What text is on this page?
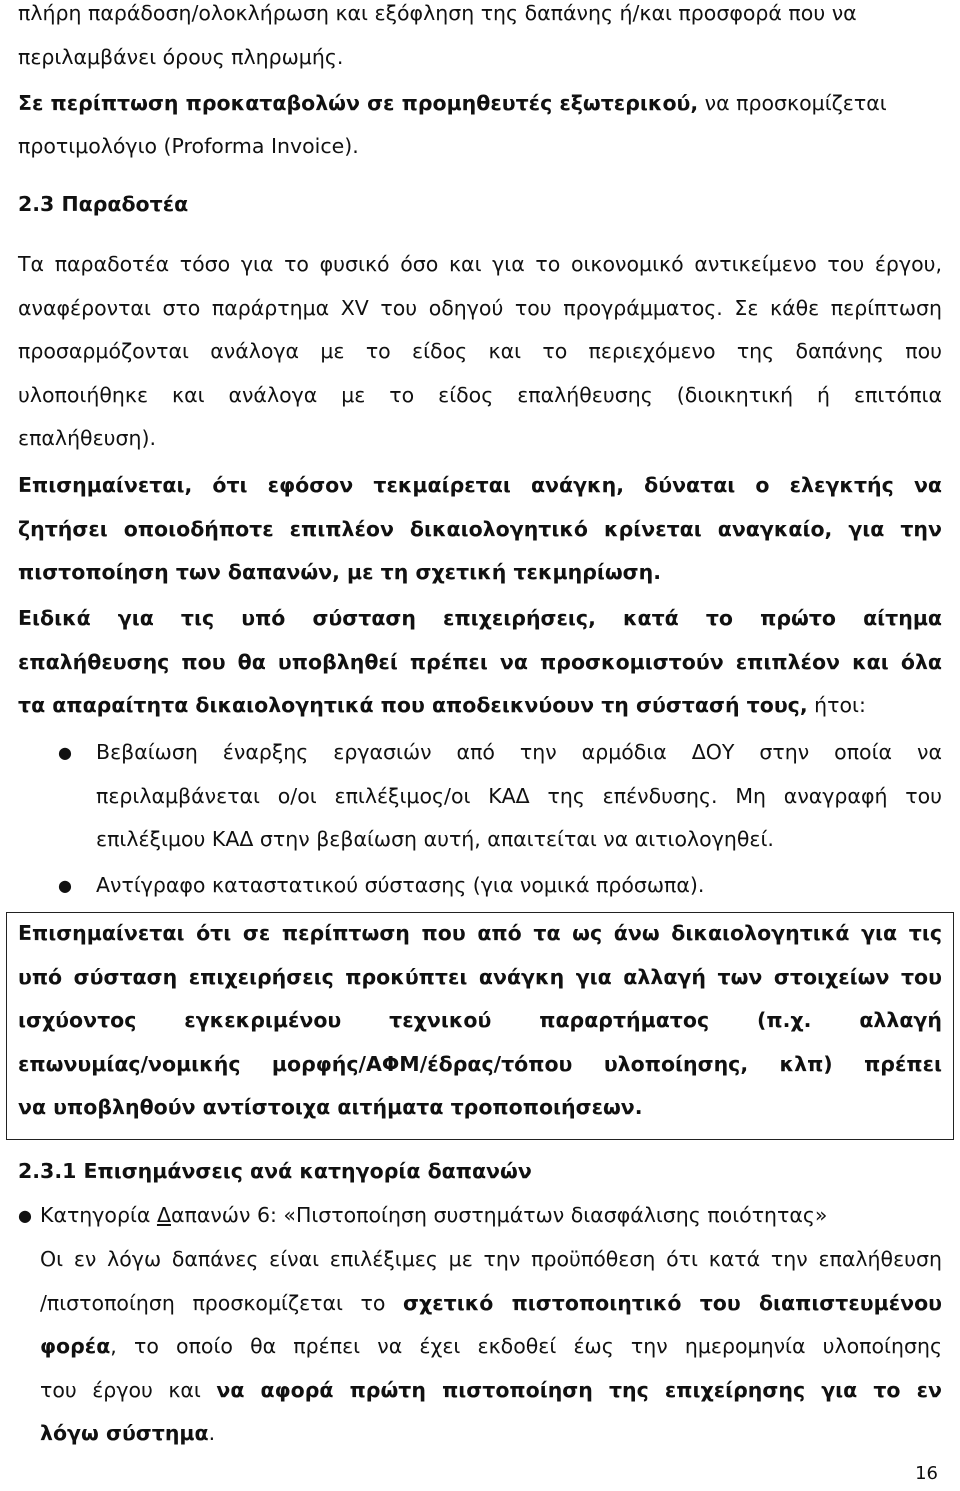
πλήρη παράδοση/ολοκλήρωση και εξόφληση της δαπάνης ή/και προσφορά που να

περιλαμβάνει όρους πληρωμής.

Σε περίπτωση προκαταβολών σε προμηθευτές εξωτερικού, να προσκομίζεται

προτιμολόγιο (Proforma Invoice).

2.3 Παραδοτέα

Τα παραδοτέα τόσο για το φυσικό όσο και για το οικονομικό αντικείμενο του έργου,
αναφέρονται στο παράρτημα XV του οδηγού του προγράμματος. Σε κάθε περίπτωση
προσαρμόζονται ανάλογα με το είδος και το περιεχόμενο της δαπάνης που
υλοποιήθηκε και ανάλογα με το είδος επαλήθευσης (διοικητική ή επιτόπια
επαλήθευση).
Επισημαίνεται, ότι εφόσον τεκμαίρεται ανάγκη, δύναται ο ελεγκτής να
ζητήσει οποιοδήποτε επιπλέον δικαιολογητικό κρίνεται αναγκαίο, για την
πιστοποίηση των δαπανών, με τη σχετική τεκμηρίωση.
Ειδικά για τις υπό σύσταση επιχειρήσεις, κατά το πρώτο αίτημα
επαλήθευσης που θα υποβληθεί πρέπει να προσκομιστούν επιπλέον και όλα
τα απαραίτητα δικαιολογητικά που αποδεικνύουν τη σύστασή τους, ήτοι:
● Βεβαίωση έναρξης εργασιών από την αρμόδια ΔΟΥ στην οποία να
περιλαμβάνεται ο/οι επιλέξιμος/οι ΚΑΔ της επένδυσης. Μη αναγραφή του
επιλέξιμου ΚΑΔ στην βεβαίωση αυτή, απαιτείται να αιτιολογηθεί.
● Αντίγραφο καταστατικού σύστασης (για νομικά πρόσωπα).
Επισημαίνεται ότι σε περίπτωση που από τα ως άνω δικαιολογητικά για τις
υπό σύσταση επιχειρήσεις προκύπτει ανάγκη για αλλαγή των στοιχείων του
ισχύοντος εγκεκριμένου τεχνικού παραρτήματος (π.χ. αλλαγή
επωνυμίας/νομικής μορφής/ΑΦΜ/έδρας/τόπου υλοποίησης, κλπ) πρέπει
να υποβληθούν αντίστοιχα αιτήματα τροποποιήσεων.

2.3.1 Επισημάνσεις ανά κατηγορία δαπανών

● Κατηγορία Δαπανών 6: «Πιστοποίηση συστημάτων διασφάλισης ποιότητας»

Οι εν λόγω δαπάνες είναι επιλέξιμες με την προϋπόθεση ότι κατά την επαλήθευση
/πιστοποίηση προσκομίζεται το σχετικό πιστοποιητικό του διαπιστευμένου
φορέα, το οποίο θα πρέπει να έχει εκδοθεί έως την ημερομηνία υλοποίησης
του έργου και να αφορά πρώτη πιστοποίηση της επιχείρησης για το εν
λόγω σύστημα.
16
